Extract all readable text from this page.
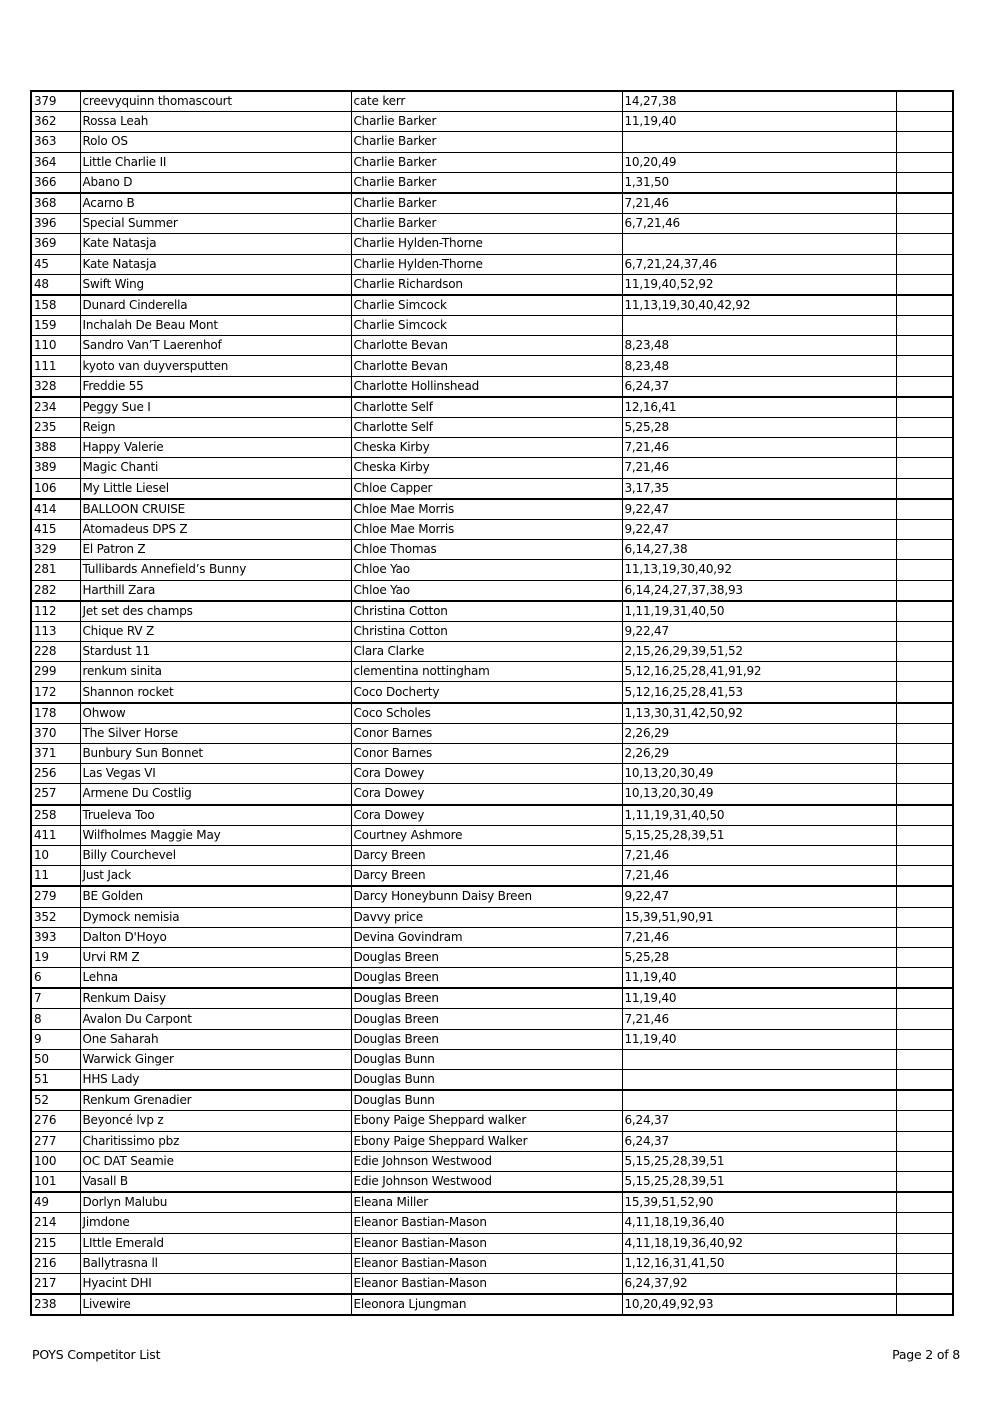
379	creevyquinn thomascourt	cate kerr	14,27,38	
362	Rossa Leah	Charlie Barker	11,19,40	
363	Rolo OS	Charlie Barker		
364	Little Charlie II	Charlie Barker	10,20,49	
366	Abano D	Charlie Barker	1,31,50	
368	Acarno B	Charlie Barker	7,21,46	
396	Special Summer	Charlie Barker	6,7,21,46	
369	Kate Natasja	Charlie Hylden-Thorne		
45	Kate Natasja	Charlie Hylden-Thorne	6,7,21,24,37,46	
48	Swift Wing	Charlie Richardson	11,19,40,52,92	
158	Dunard Cinderella	Charlie Simcock	11,13,19,30,40,42,92	
159	Inchalah De Beau Mont	Charlie Simcock		
110	Sandro Van’T Laerenhof	Charlotte Bevan	8,23,48	
111	kyoto van duyversputten	Charlotte Bevan	8,23,48	
328	Freddie 55	Charlotte Hollinshead	6,24,37	
234	Peggy Sue I	Charlotte Self	12,16,41	
235	Reign	Charlotte Self	5,25,28	
388	Happy Valerie	Cheska Kirby	7,21,46	
389	Magic Chanti	Cheska Kirby	7,21,46	
106	My Little Liesel	Chloe Capper	3,17,35	
414	BALLOON CRUISE	Chloe Mae Morris	9,22,47	
415	Atomadeus DPS Z	Chloe Mae Morris	9,22,47	
329	El Patron Z	Chloe Thomas	6,14,27,38	
281	Tullibards Annefield’s Bunny	Chloe Yao	11,13,19,30,40,92	
282	Harthill Zara	Chloe Yao	6,14,24,27,37,38,93	
112	Jet set des champs	Christina Cotton	1,11,19,31,40,50	
113	Chique RV Z	Christina Cotton	9,22,47	
228	Stardust 11	Clara Clarke	2,15,26,29,39,51,52	
299	renkum sinita	clementina nottingham	5,12,16,25,28,41,91,92	
172	Shannon rocket	Coco Docherty	5,12,16,25,28,41,53	
178	Ohwow	Coco Scholes	1,13,30,31,42,50,92	
370	The Silver Horse	Conor Barnes	2,26,29	
371	Bunbury Sun Bonnet	Conor Barnes	2,26,29	
256	Las Vegas VI	Cora Dowey	10,13,20,30,49	
257	Armene Du Costlig	Cora Dowey	10,13,20,30,49	
258	Trueleva Too	Cora Dowey	1,11,19,31,40,50	
411	Wilfholmes Maggie May	Courtney Ashmore	5,15,25,28,39,51	
10	Billy Courchevel	Darcy Breen	7,21,46	
11	Just Jack	Darcy Breen	7,21,46	
279	BE Golden	Darcy Honeybunn Daisy Breen	9,22,47	
352	Dymock nemisia	Davvy price	15,39,51,90,91	
393	Dalton D'Hoyo	Devina Govindram	7,21,46	
19	Urvi RM Z	Douglas Breen	5,25,28	
6	Lehna	Douglas Breen	11,19,40	
7	Renkum Daisy	Douglas Breen	11,19,40	
8	Avalon Du Carpont	Douglas Breen	7,21,46	
9	One Saharah	Douglas Breen	11,19,40	
50	Warwick Ginger	Douglas Bunn		
51	HHS Lady	Douglas Bunn		
52	Renkum Grenadier	Douglas Bunn		
276	Beyoncé lvp z	Ebony Paige Sheppard walker	6,24,37	
277	Charitissimo pbz	Ebony Paige Sheppard Walker	6,24,37	
100	OC DAT Seamie	Edie Johnson Westwood	5,15,25,28,39,51	
101	Vasall B	Edie Johnson Westwood	5,15,25,28,39,51	
49	Dorlyn Malubu	Eleana Miller	15,39,51,52,90	
214	Jimdone	Eleanor Bastian-Mason	4,11,18,19,36,40	
215	LIttle Emerald	Eleanor Bastian-Mason	4,11,18,19,36,40,92	
216	Ballytrasna ll	Eleanor Bastian-Mason	1,12,16,31,41,50	
217	Hyacint DHI	Eleanor Bastian-Mason	6,24,37,92	
238	Livewire	Eleonora Ljungman	10,20,49,92,93	
POYS Competitor List	Page 2 of 8
